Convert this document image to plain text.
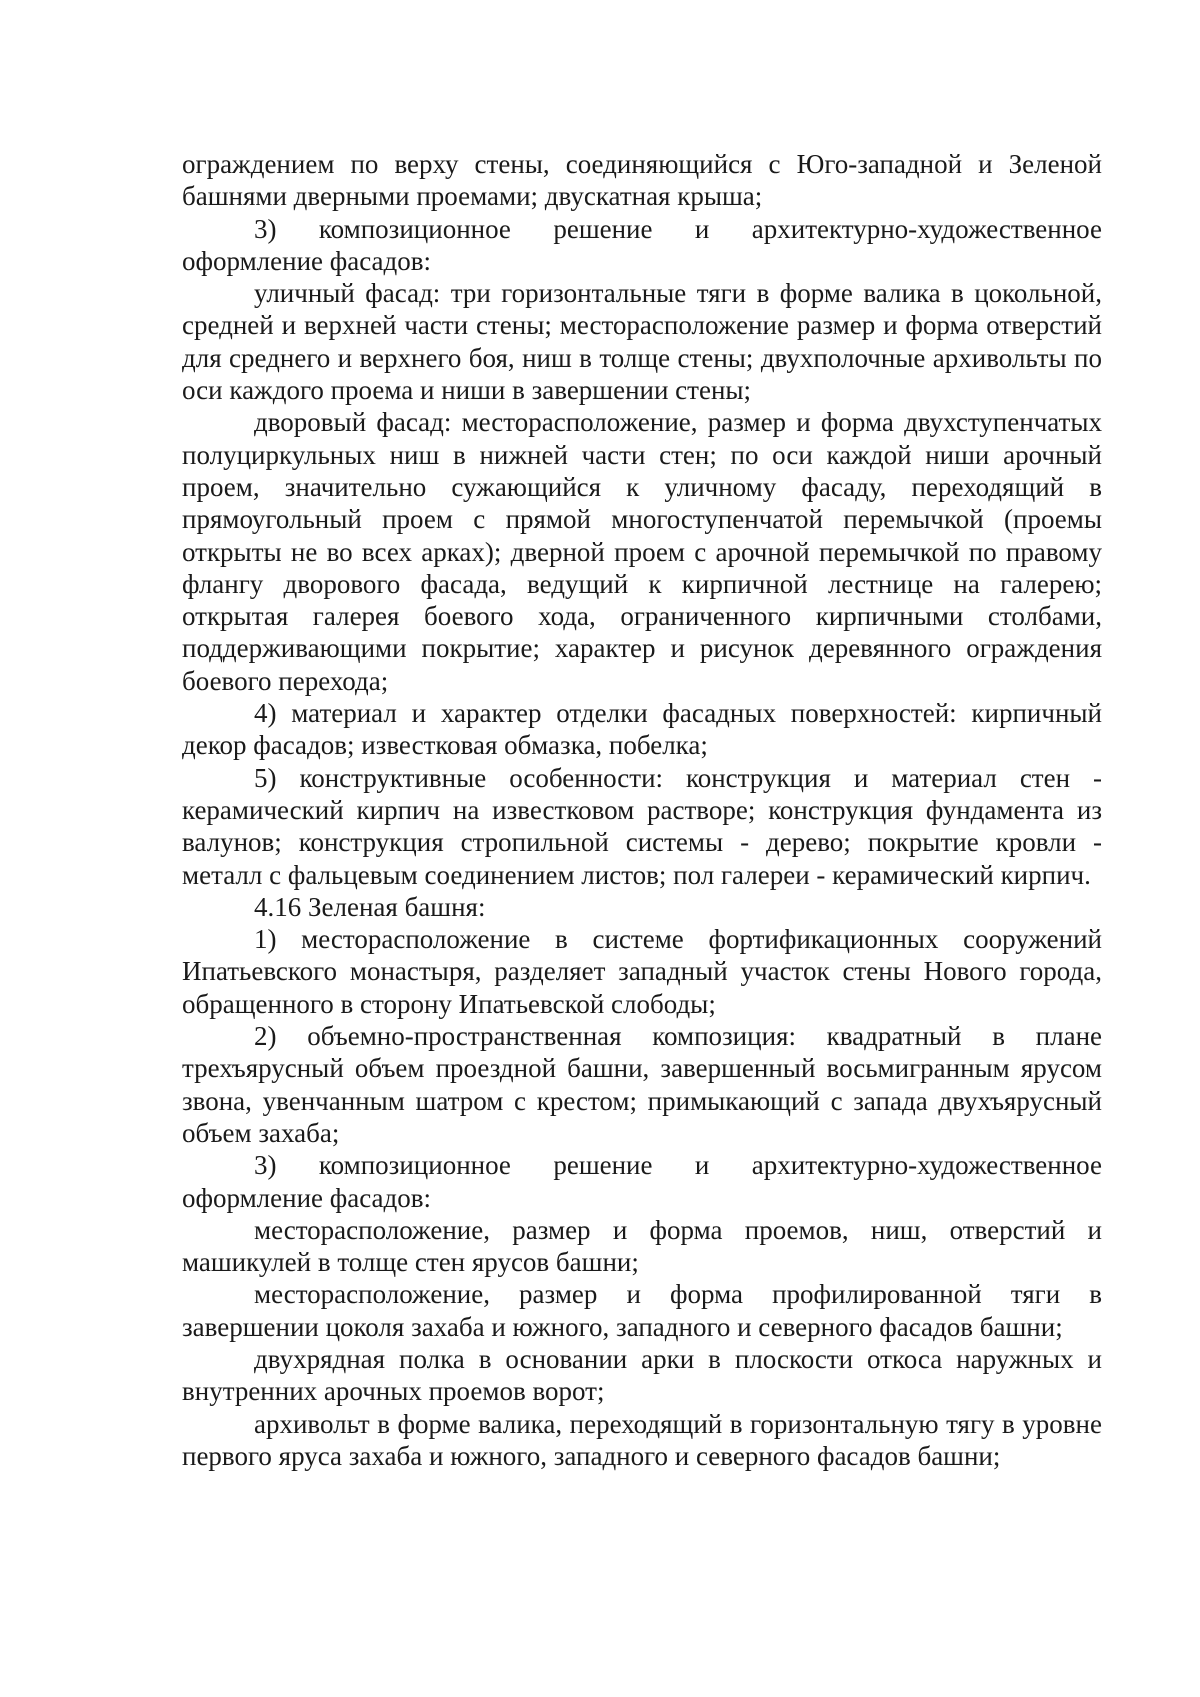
ограждением по верху стены, соединяющийся с Юго-западной и Зеленой башнями дверными проемами; двускатная крыша;

3) композиционное решение и архитектурно-художественное оформление фасадов:

уличный фасад: три горизонтальные тяги в форме валика в цокольной, средней и верхней части стены; месторасположение размер и форма отверстий для среднего и верхнего боя, ниш в толще стены; двухполочные архивольты по оси каждого проема и ниши в завершении стены;

дворовый фасад: месторасположение, размер и форма двухступенчатых полуциркульных ниш в нижней части стен; по оси каждой ниши арочный проем, значительно сужающийся к уличному фасаду, переходящий в прямоугольный проем с прямой многоступенчатой перемычкой (проемы открыты не во всех арках); дверной проем с арочной перемычкой по правому флангу дворового фасада, ведущий к кирпичной лестнице на галерею; открытая галерея боевого хода, ограниченного кирпичными столбами, поддерживающими покрытие; характер и рисунок деревянного ограждения боевого перехода;

4) материал и характер отделки фасадных поверхностей: кирпичный декор фасадов; известковая обмазка, побелка;

5) конструктивные особенности: конструкция и материал стен - керамический кирпич на известковом растворе; конструкция фундамента из валунов; конструкция стропильной системы - дерево; покрытие кровли - металл с фальцевым соединением листов; пол галереи - керамический кирпич.

4.16 Зеленая башня:

1) месторасположение в системе фортификационных сооружений Ипатьевского монастыря, разделяет западный участок стены Нового города, обращенного в сторону Ипатьевской слободы;

2) объемно-пространственная композиция: квадратный в плане трехъярусный объем проездной башни, завершенный восьмигранным ярусом звона, увенчанным шатром с крестом; примыкающий с запада двухъярусный объем захаба;

3) композиционное решение и архитектурно-художественное оформление фасадов:

месторасположение, размер и форма проемов, ниш, отверстий и машикулей в толще стен ярусов башни;

месторасположение, размер и форма профилированной тяги в завершении цоколя захаба и южного, западного и северного фасадов башни;

двухрядная полка в основании арки в плоскости откоса наружных и внутренних арочных проемов ворот;

архивольт в форме валика, переходящий в горизонтальную тягу в уровне первого яруса захаба и южного, западного и северного фасадов башни;
